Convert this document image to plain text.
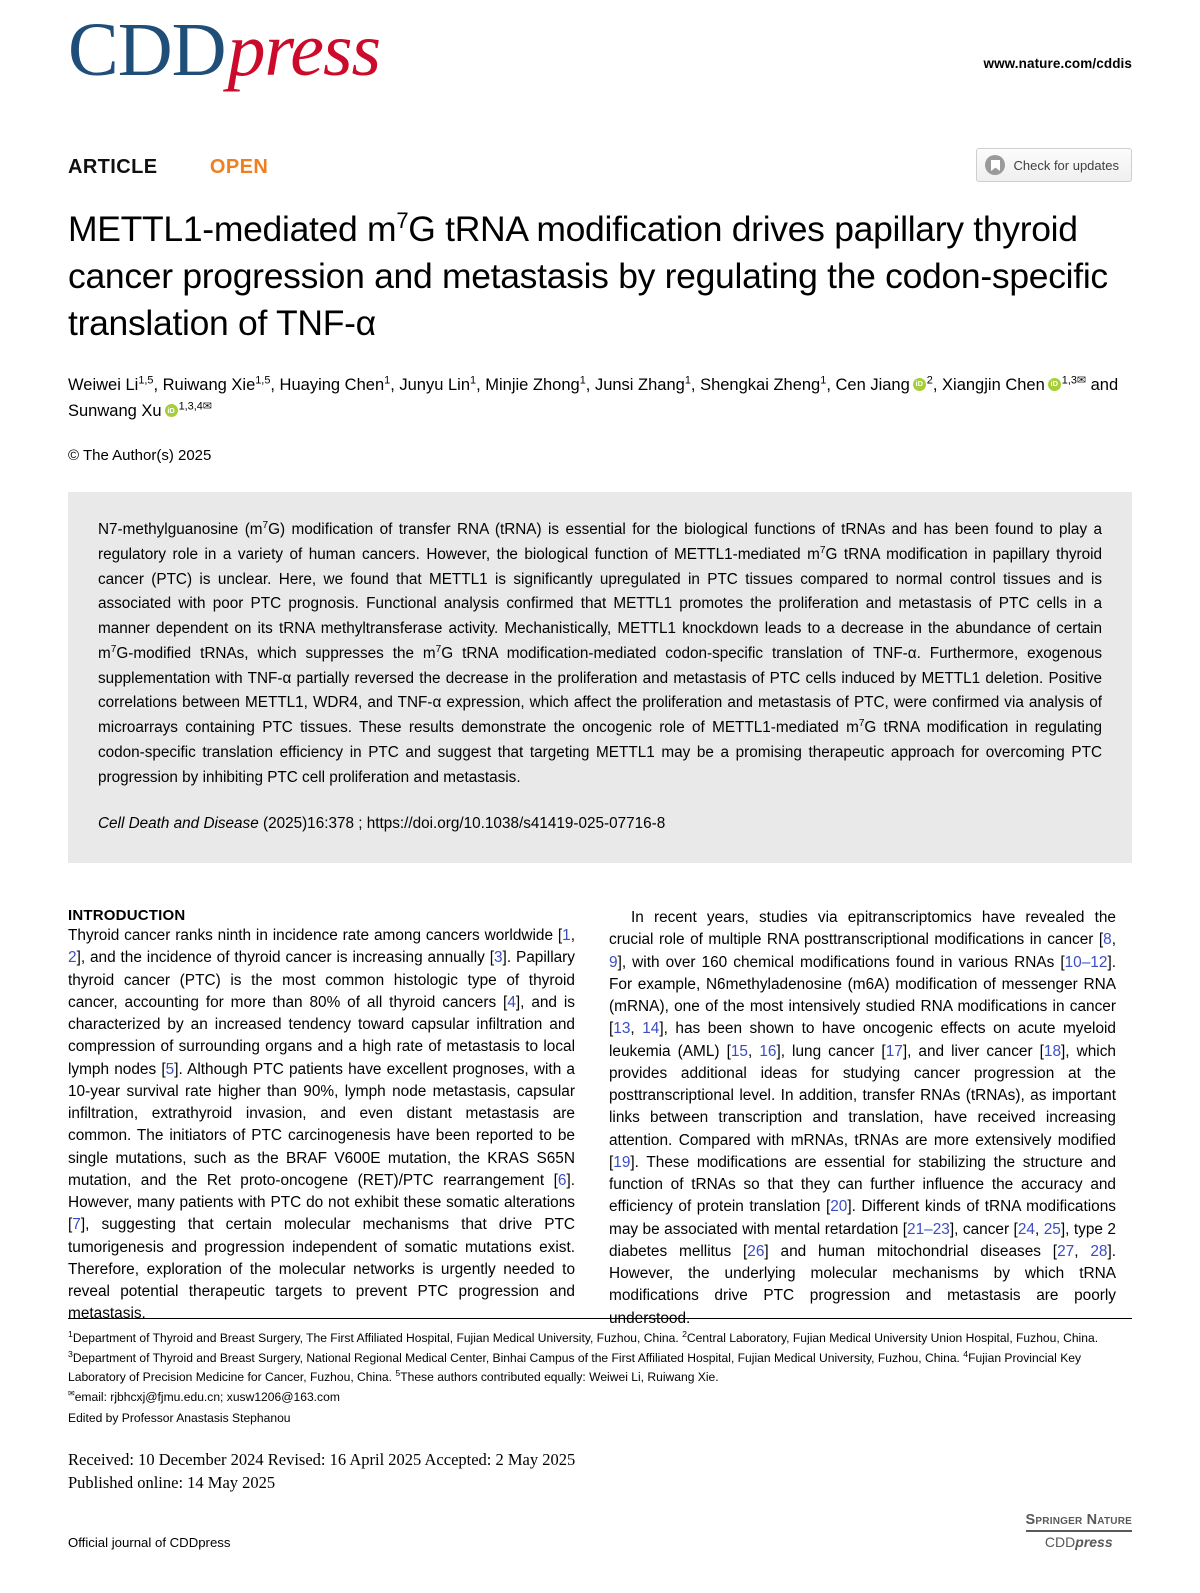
CDDpress	www.nature.com/cddis
ARTICLE	OPEN	Check for updates
METTL1-mediated $m^7G$ tRNA modification drives papillary thyroid cancer progression and metastasis by regulating the codon-specific translation of TNF-α
Weiwei Li$^{1,5}$, Ruiwang Xie$^{1,5}$, Huaying Chen$^1$, Junyu Lin$^1$, Minjie Zhong$^1$, Junsi Zhang$^1$, Shengkai Zheng$^1$, Cen Jiang iD $^2$, Xiangjin Chen iD $^{1,3✉}$ and Sunwang Xu iD $^{1,3,4✉}$
© The Author(s) 2025

N7-methylguanosine $(m^7G)$ modification of transfer RNA (tRNA) is essential for the biological functions of tRNAs and has been found to play a regulatory role in a variety of human cancers. However, the biological function of METTL1-mediated $m^7G$ tRNA modification in papillary thyroid cancer (PTC) is unclear. Here, we found that METTL1 is significantly upregulated in PTC tissues compared to normal control tissues and is associated with poor PTC prognosis. Functional analysis confirmed that METTL1 promotes the proliferation and metastasis of PTC cells in a manner dependent on its tRNA methyltransferase activity. Mechanistically, METTL1 knockdown leads to a decrease in the abundance of certain $m^7G$-modified tRNAs, which suppresses the $m^7G$ tRNA modification-mediated codon-specific translation of TNF-α. Furthermore, exogenous supplementation with TNF-α partially reversed the decrease in the proliferation and metastasis of PTC cells induced by METTL1 deletion. Positive correlations between METTL1, WDR4, and TNF-α expression, which affect the proliferation and metastasis of PTC, were confirmed via analysis of microarrays containing PTC tissues. These results demonstrate the oncogenic role of METTL1-mediated $m^7G$ tRNA modification in regulating codon-specific translation efficiency in PTC and suggest that targeting METTL1 may be a promising therapeutic approach for overcoming PTC progression by inhibiting PTC cell proliferation and metastasis.

Cell Death and Disease (2025)16:378 ; https://doi.org/10.1038/s41419-025-07716-8

INTRODUCTION

Thyroid cancer ranks ninth in incidence rate among cancers worldwide [1, 2], and the incidence of thyroid cancer is increasing annually [3]. Papillary thyroid cancer (PTC) is the most common histologic type of thyroid cancer, accounting for more than 80% of all thyroid cancers [4], and is characterized by an increased tendency toward capsular infiltration and compression of surrounding organs and a high rate of metastasis to local lymph nodes [5]. Although PTC patients have excellent prognoses, with a 10-year survival rate higher than 90%, lymph node metastasis, capsular infiltration, extrathyroid invasion, and even distant metastasis are common. The initiators of PTC carcinogenesis have been reported to be single mutations, such as the BRAF V600E mutation, the KRAS S65N mutation, and the Ret proto-oncogene (RET)/PTC rearrangement [6]. However, many patients with PTC do not exhibit these somatic alterations [7], suggesting that certain molecular mechanisms that drive PTC tumorigenesis and progression independent of somatic mutations exist. Therefore, exploration of the molecular networks is urgently needed to reveal potential therapeutic targets to prevent PTC progression and metastasis.

In recent years, studies via epitranscriptomics have revealed the crucial role of multiple RNA posttranscriptional modifications in cancer [8, 9], with over 160 chemical modifications found in various RNAs [10–12]. For example, N6methyladenosine (m6A) modification of messenger RNA (mRNA), one of the most intensively studied RNA modifications in cancer [13, 14], has been shown to have oncogenic effects on acute myeloid leukemia (AML) [15, 16], lung cancer [17], and liver cancer [18], which provides additional ideas for studying cancer progression at the posttranscriptional level. In addition, transfer RNAs (tRNAs), as important links between transcription and translation, have received increasing attention. Compared with mRNAs, tRNAs are more extensively modified [19]. These modifications are essential for stabilizing the structure and function of tRNAs so that they can further influence the accuracy and efficiency of protein translation [20]. Different kinds of tRNA modifications may be associated with mental retardation [21–23], cancer [24, 25], type 2 diabetes mellitus [26] and human mitochondrial diseases [27, 28]. However, the underlying molecular mechanisms by which tRNA modifications drive PTC progression and metastasis are poorly understood.

$^1$Department of Thyroid and Breast Surgery, The First Affiliated Hospital, Fujian Medical University, Fuzhou, China. $^2$Central Laboratory, Fujian Medical University Union Hospital, Fuzhou, China. $^3$Department of Thyroid and Breast Surgery, National Regional Medical Center, Binhai Campus of the First Affiliated Hospital, Fujian Medical University, Fuzhou, China. $^4$Fujian Provincial Key Laboratory of Precision Medicine for Cancer, Fuzhou, China. $^5$These authors contributed equally: Weiwei Li, Ruiwang Xie.

✉email: rjbhcxj@fjmu.edu.cn; xusw1206@163.com

Edited by Professor Anastasis Stephanou

Received: 10 December 2024 Revised: 16 April 2025 Accepted: 2 May 2025
Published online: 14 May 2025
Official journal of CDDpress
Springer Nature
CDDpress
